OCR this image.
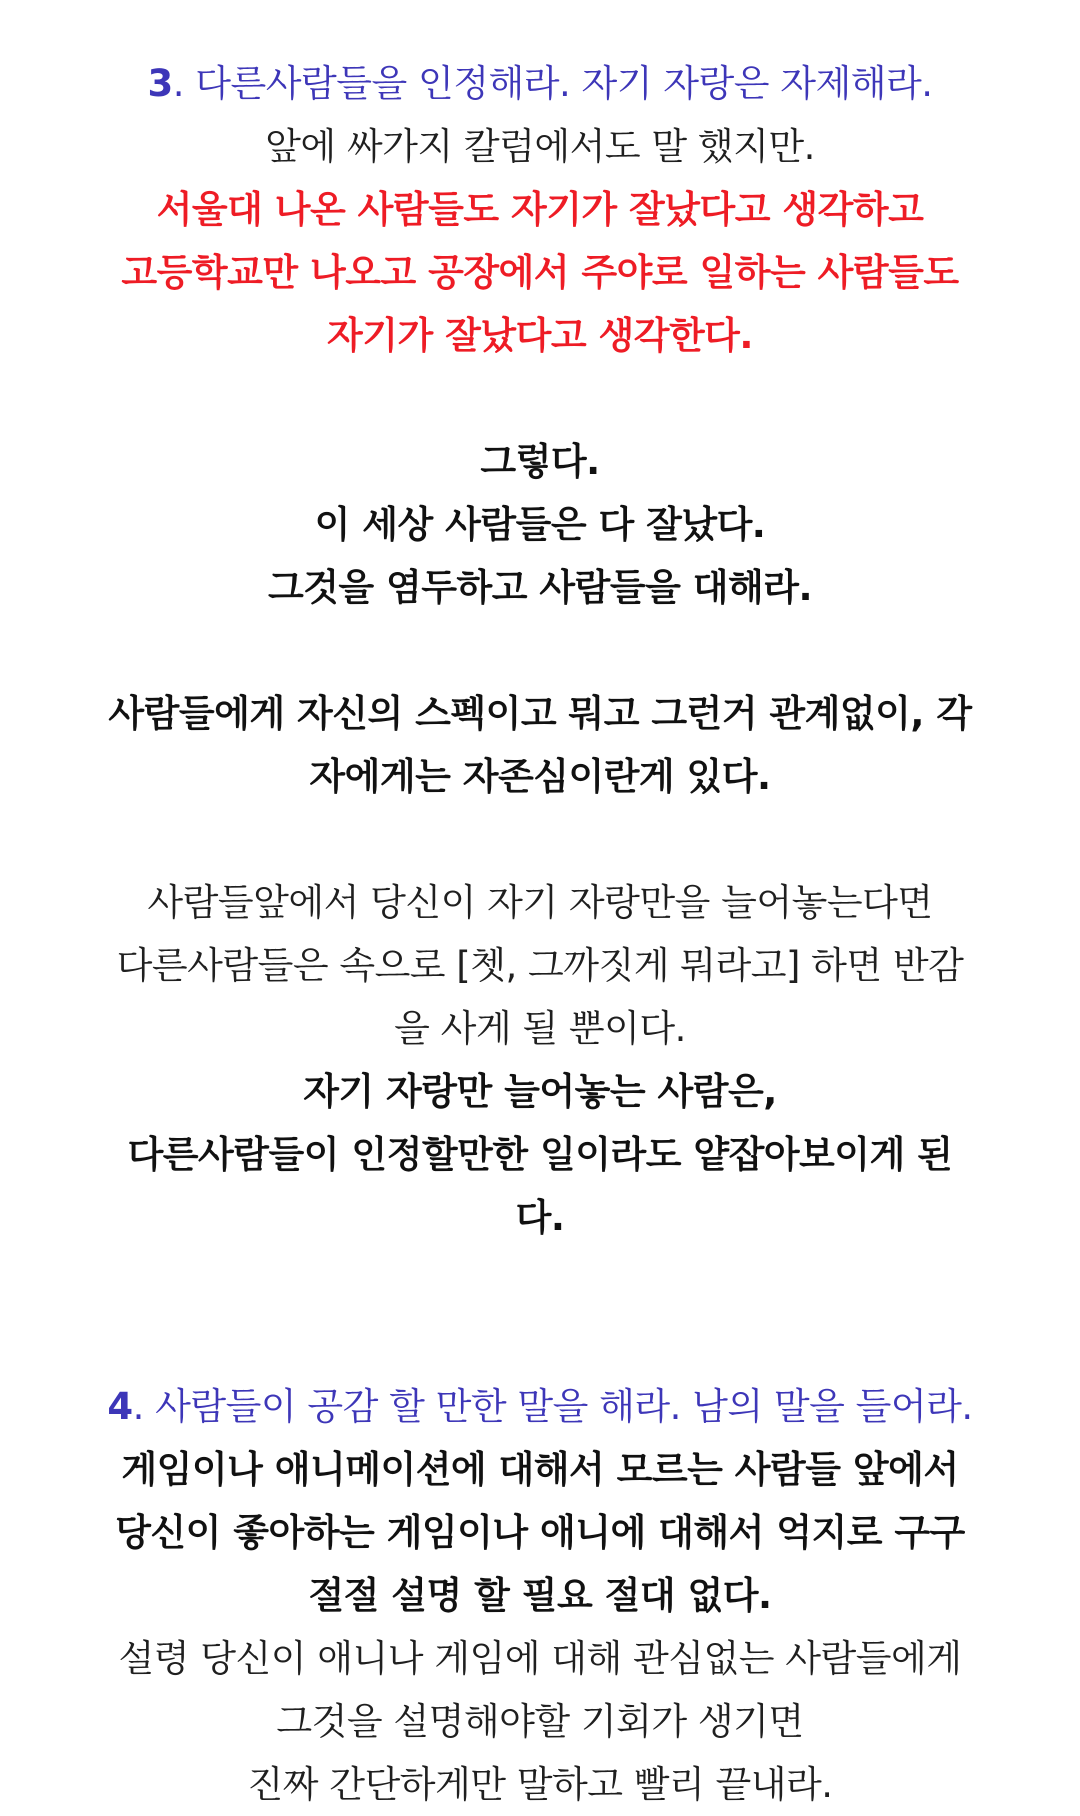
3. 다른사람들을 인정해라. 자기 자랑은 자제해라.
앞에 싸가지 칼럼에서도 말 했지만.
서울대 나온 사람들도 자기가 잘났다고 생각하고
고등학교만 나오고 공장에서 주야로 일하는 사람들도
자기가 잘났다고 생각한다.
그렇다.
이 세상 사람들은 다 잘났다.
그것을 염두하고 사람들을 대해라.
사람들에게 자신의 스펙이고 뭐고 그런거 관계없이, 각
자에게는 자존심이란게 있다.
사람들앞에서 당신이 자기 자랑만을 늘어놓는다면
다른사람들은 속으로 [쳇, 그까짓게 뭐라고] 하면 반감
을 사게 될 뿐이다.
자기 자랑만 늘어놓는 사람은,
다른사람들이 인정할만한 일이라도 얕잡아보이게 된
다.
4. 사람들이 공감 할 만한 말을 해라. 남의 말을 들어라.
게임이나 애니메이션에 대해서 모르는 사람들 앞에서
당신이 좋아하는 게임이나 애니에 대해서 억지로 구구
절절 설명 할 필요 절대 없다.
설령 당신이 애니나 게임에 대해 관심없는 사람들에게
그것을 설명해야할 기회가 생기면
진짜 간단하게만 말하고 빨리 끝내라.
